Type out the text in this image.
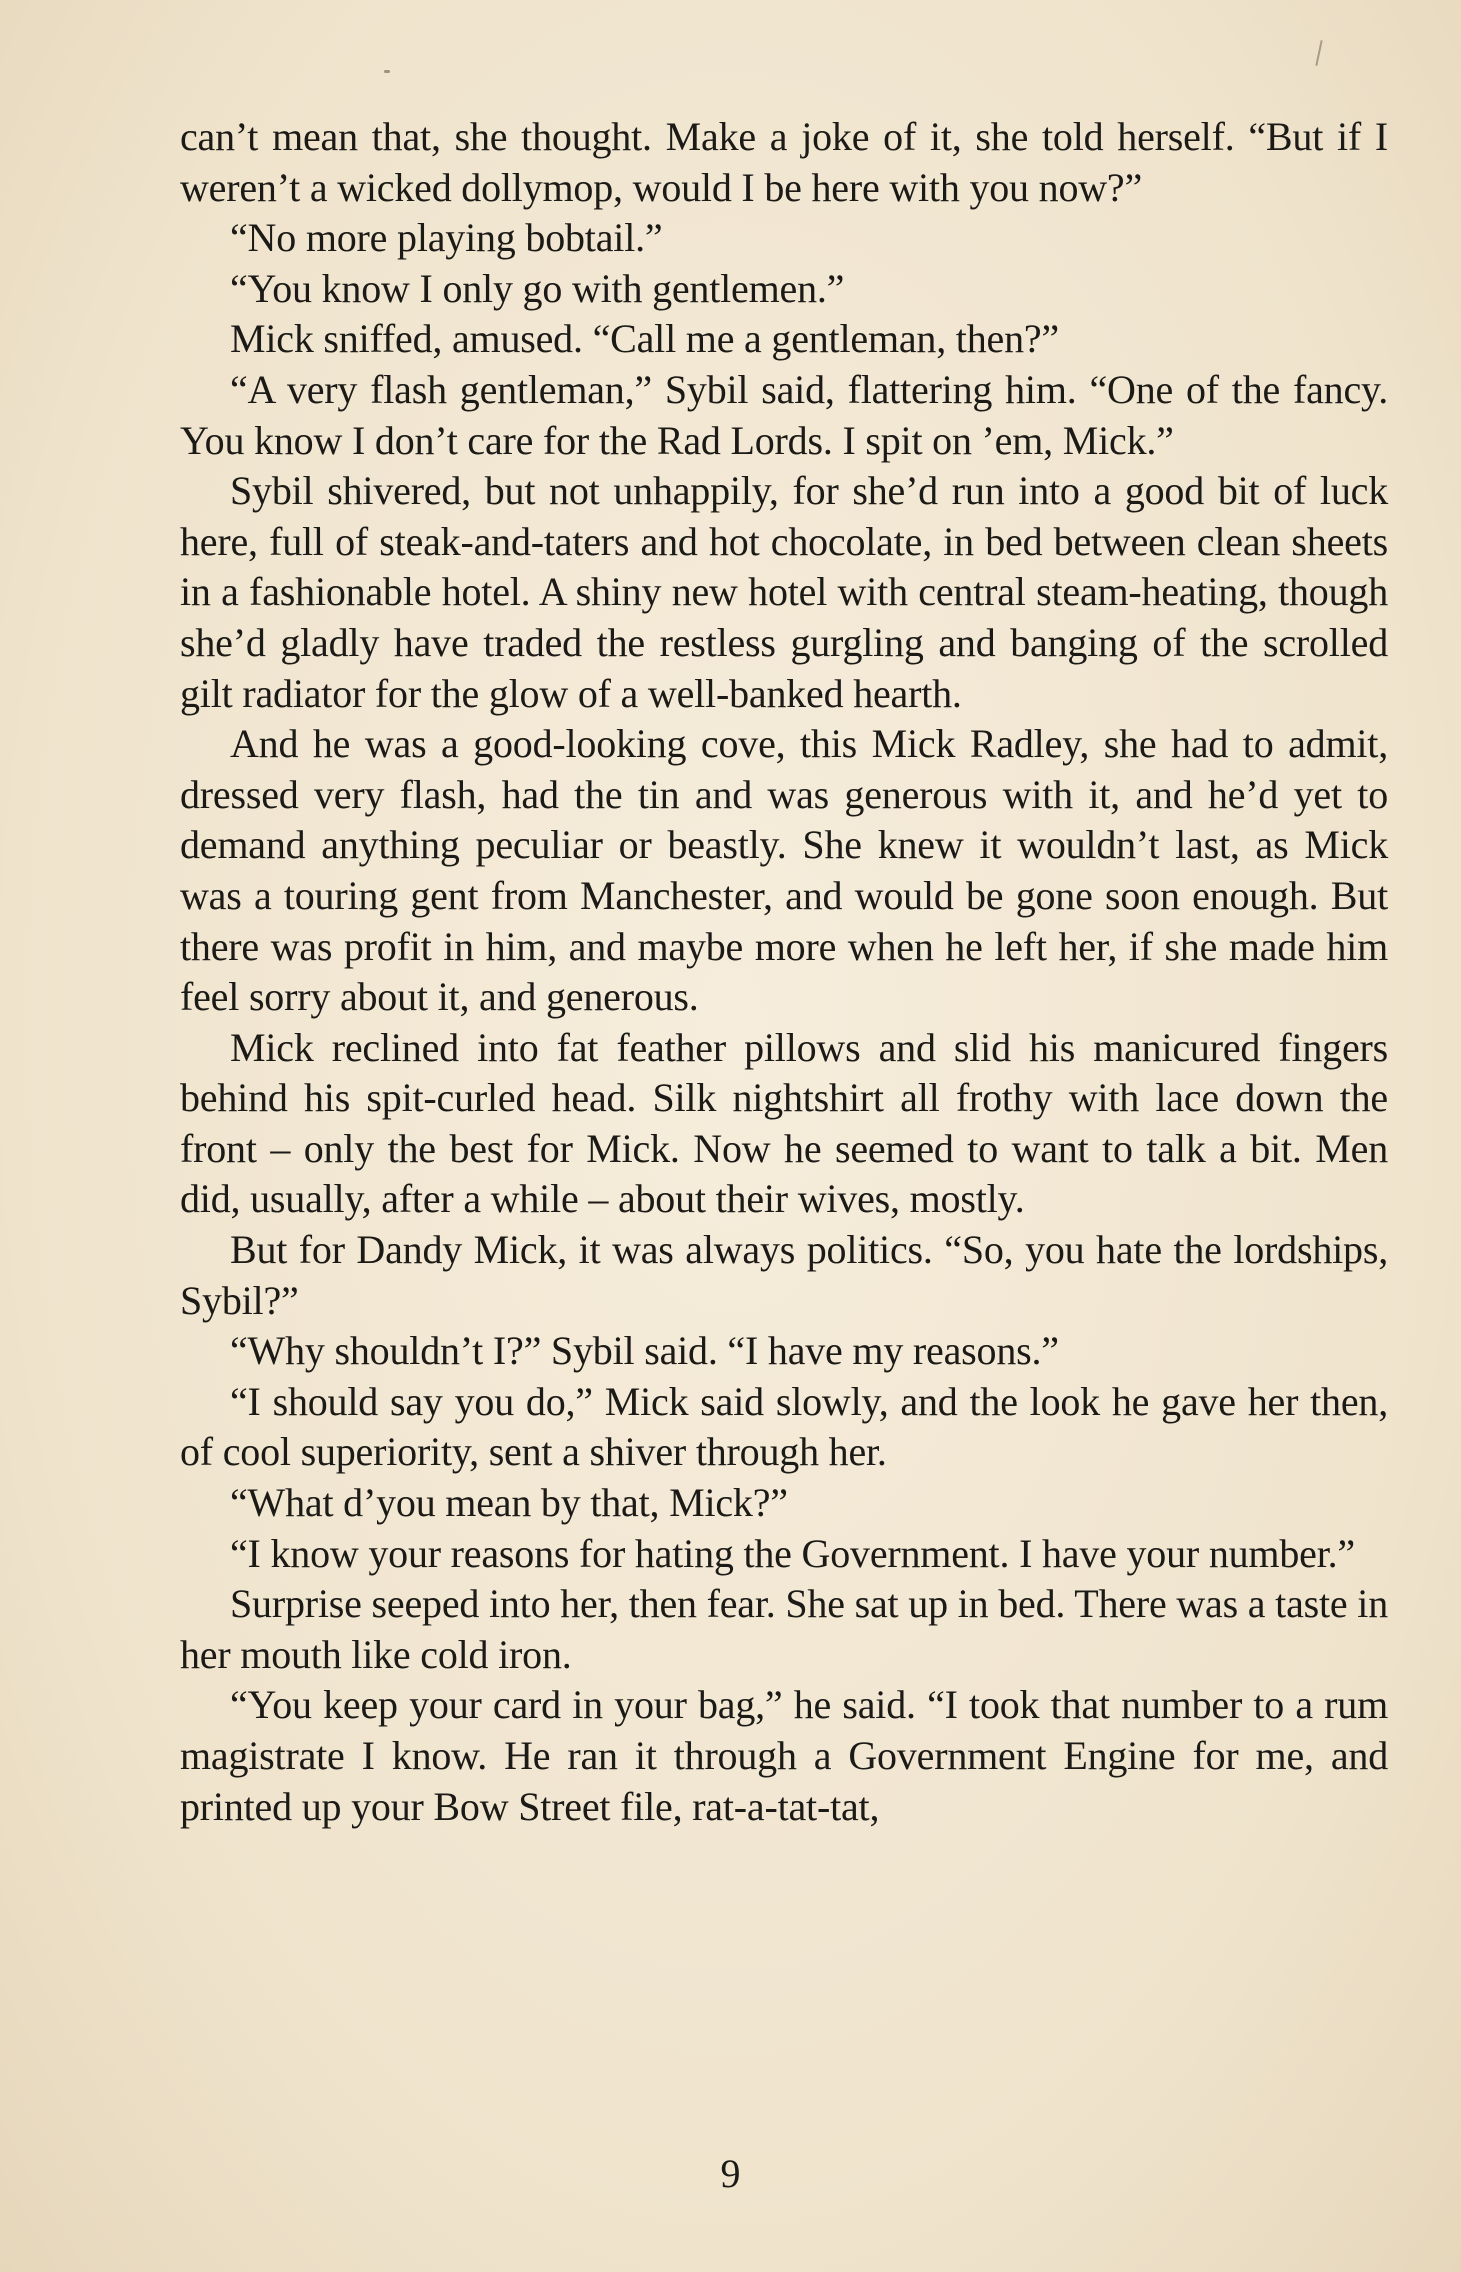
can’t mean that, she thought. Make a joke of it, she told herself. “But if I weren’t a wicked dollymop, would I be here with you now?”

“No more playing bobtail.”

“You know I only go with gentlemen.”

Mick sniffed, amused. “Call me a gentleman, then?”

“A very flash gentleman,” Sybil said, flattering him. “One of the fancy. You know I don’t care for the Rad Lords. I spit on ’em, Mick.”

Sybil shivered, but not unhappily, for she’d run into a good bit of luck here, full of steak-and-taters and hot chocolate, in bed between clean sheets in a fashionable hotel. A shiny new hotel with central steam-heating, though she’d gladly have traded the restless gurgling and banging of the scrolled gilt radiator for the glow of a well-banked hearth.

And he was a good-looking cove, this Mick Radley, she had to admit, dressed very flash, had the tin and was generous with it, and he’d yet to demand anything peculiar or beastly. She knew it wouldn’t last, as Mick was a touring gent from Manchester, and would be gone soon enough. But there was profit in him, and maybe more when he left her, if she made him feel sorry about it, and generous.

Mick reclined into fat feather pillows and slid his manicured fingers behind his spit-curled head. Silk nightshirt all frothy with lace down the front – only the best for Mick. Now he seemed to want to talk a bit. Men did, usually, after a while – about their wives, mostly.

But for Dandy Mick, it was always politics. “So, you hate the lordships, Sybil?”

“Why shouldn’t I?” Sybil said. “I have my reasons.”

“I should say you do,” Mick said slowly, and the look he gave her then, of cool superiority, sent a shiver through her.

“What d’you mean by that, Mick?”

“I know your reasons for hating the Government. I have your number.”

Surprise seeped into her, then fear. She sat up in bed. There was a taste in her mouth like cold iron.

“You keep your card in your bag,” he said. “I took that number to a rum magistrate I know. He ran it through a Government Engine for me, and printed up your Bow Street file, rat-a-tat-tat,

9
